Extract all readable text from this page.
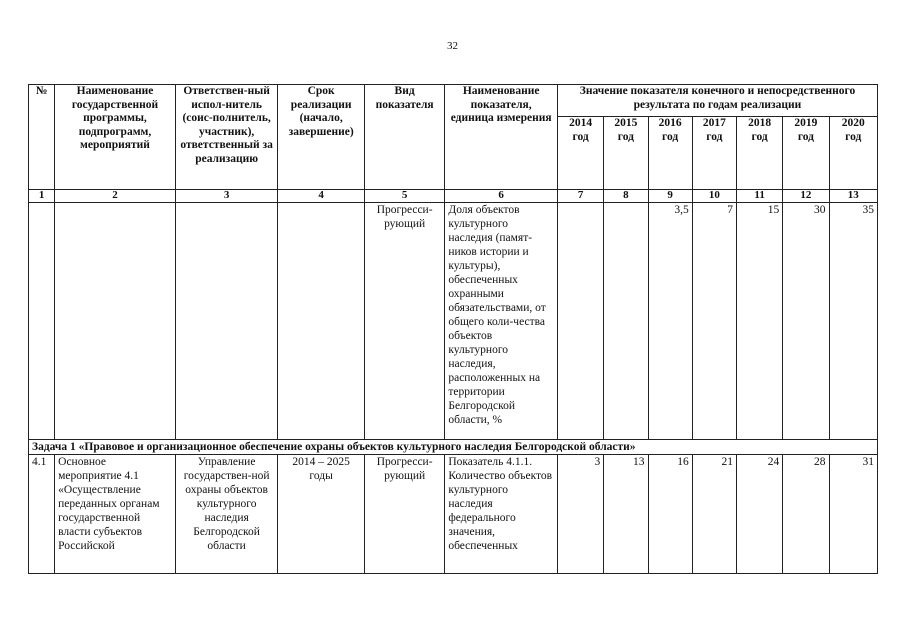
32
№	Наименование государственной программы, подпрограмм, мероприятий	Ответствен-ный испол-нитель (соис-полнитель, участник), ответственный за реализацию	Срок реализации (начало, завершение)	Вид показателя	Наименование показателя, единица измерения	Значение показателя конечного и непосредственного результата по годам реализации						
						2014 год	2015 год	2016 год	2017 год	2018 год	2019 год	2020 год
1	2	3	4	5	6	7	8	9	10	11	12	13
				Прогресси-рующий	Доля объектов культурного наследия (памят-ников истории и культуры), обеспеченных охранными обязательствами, от общего коли-чества объектов культурного наследия, расположенных на территории Белгородской области, %			3,5	7	15	30	35
Задача 1 «Правовое и организационное обеспечение охраны объектов культурного наследия Белгородской области»												
4.1	Основное мероприятие 4.1 «Осуществление переданных органам государственной власти субъектов Российской	Управление государствен-ной охраны объектов культурного наследия Белгородской области	2014 – 2025 годы	Прогресси-рующий	Показатель 4.1.1. Количество объектов культурного наследия федерального значения, обеспеченных	3	13	16	21	24	28	31
